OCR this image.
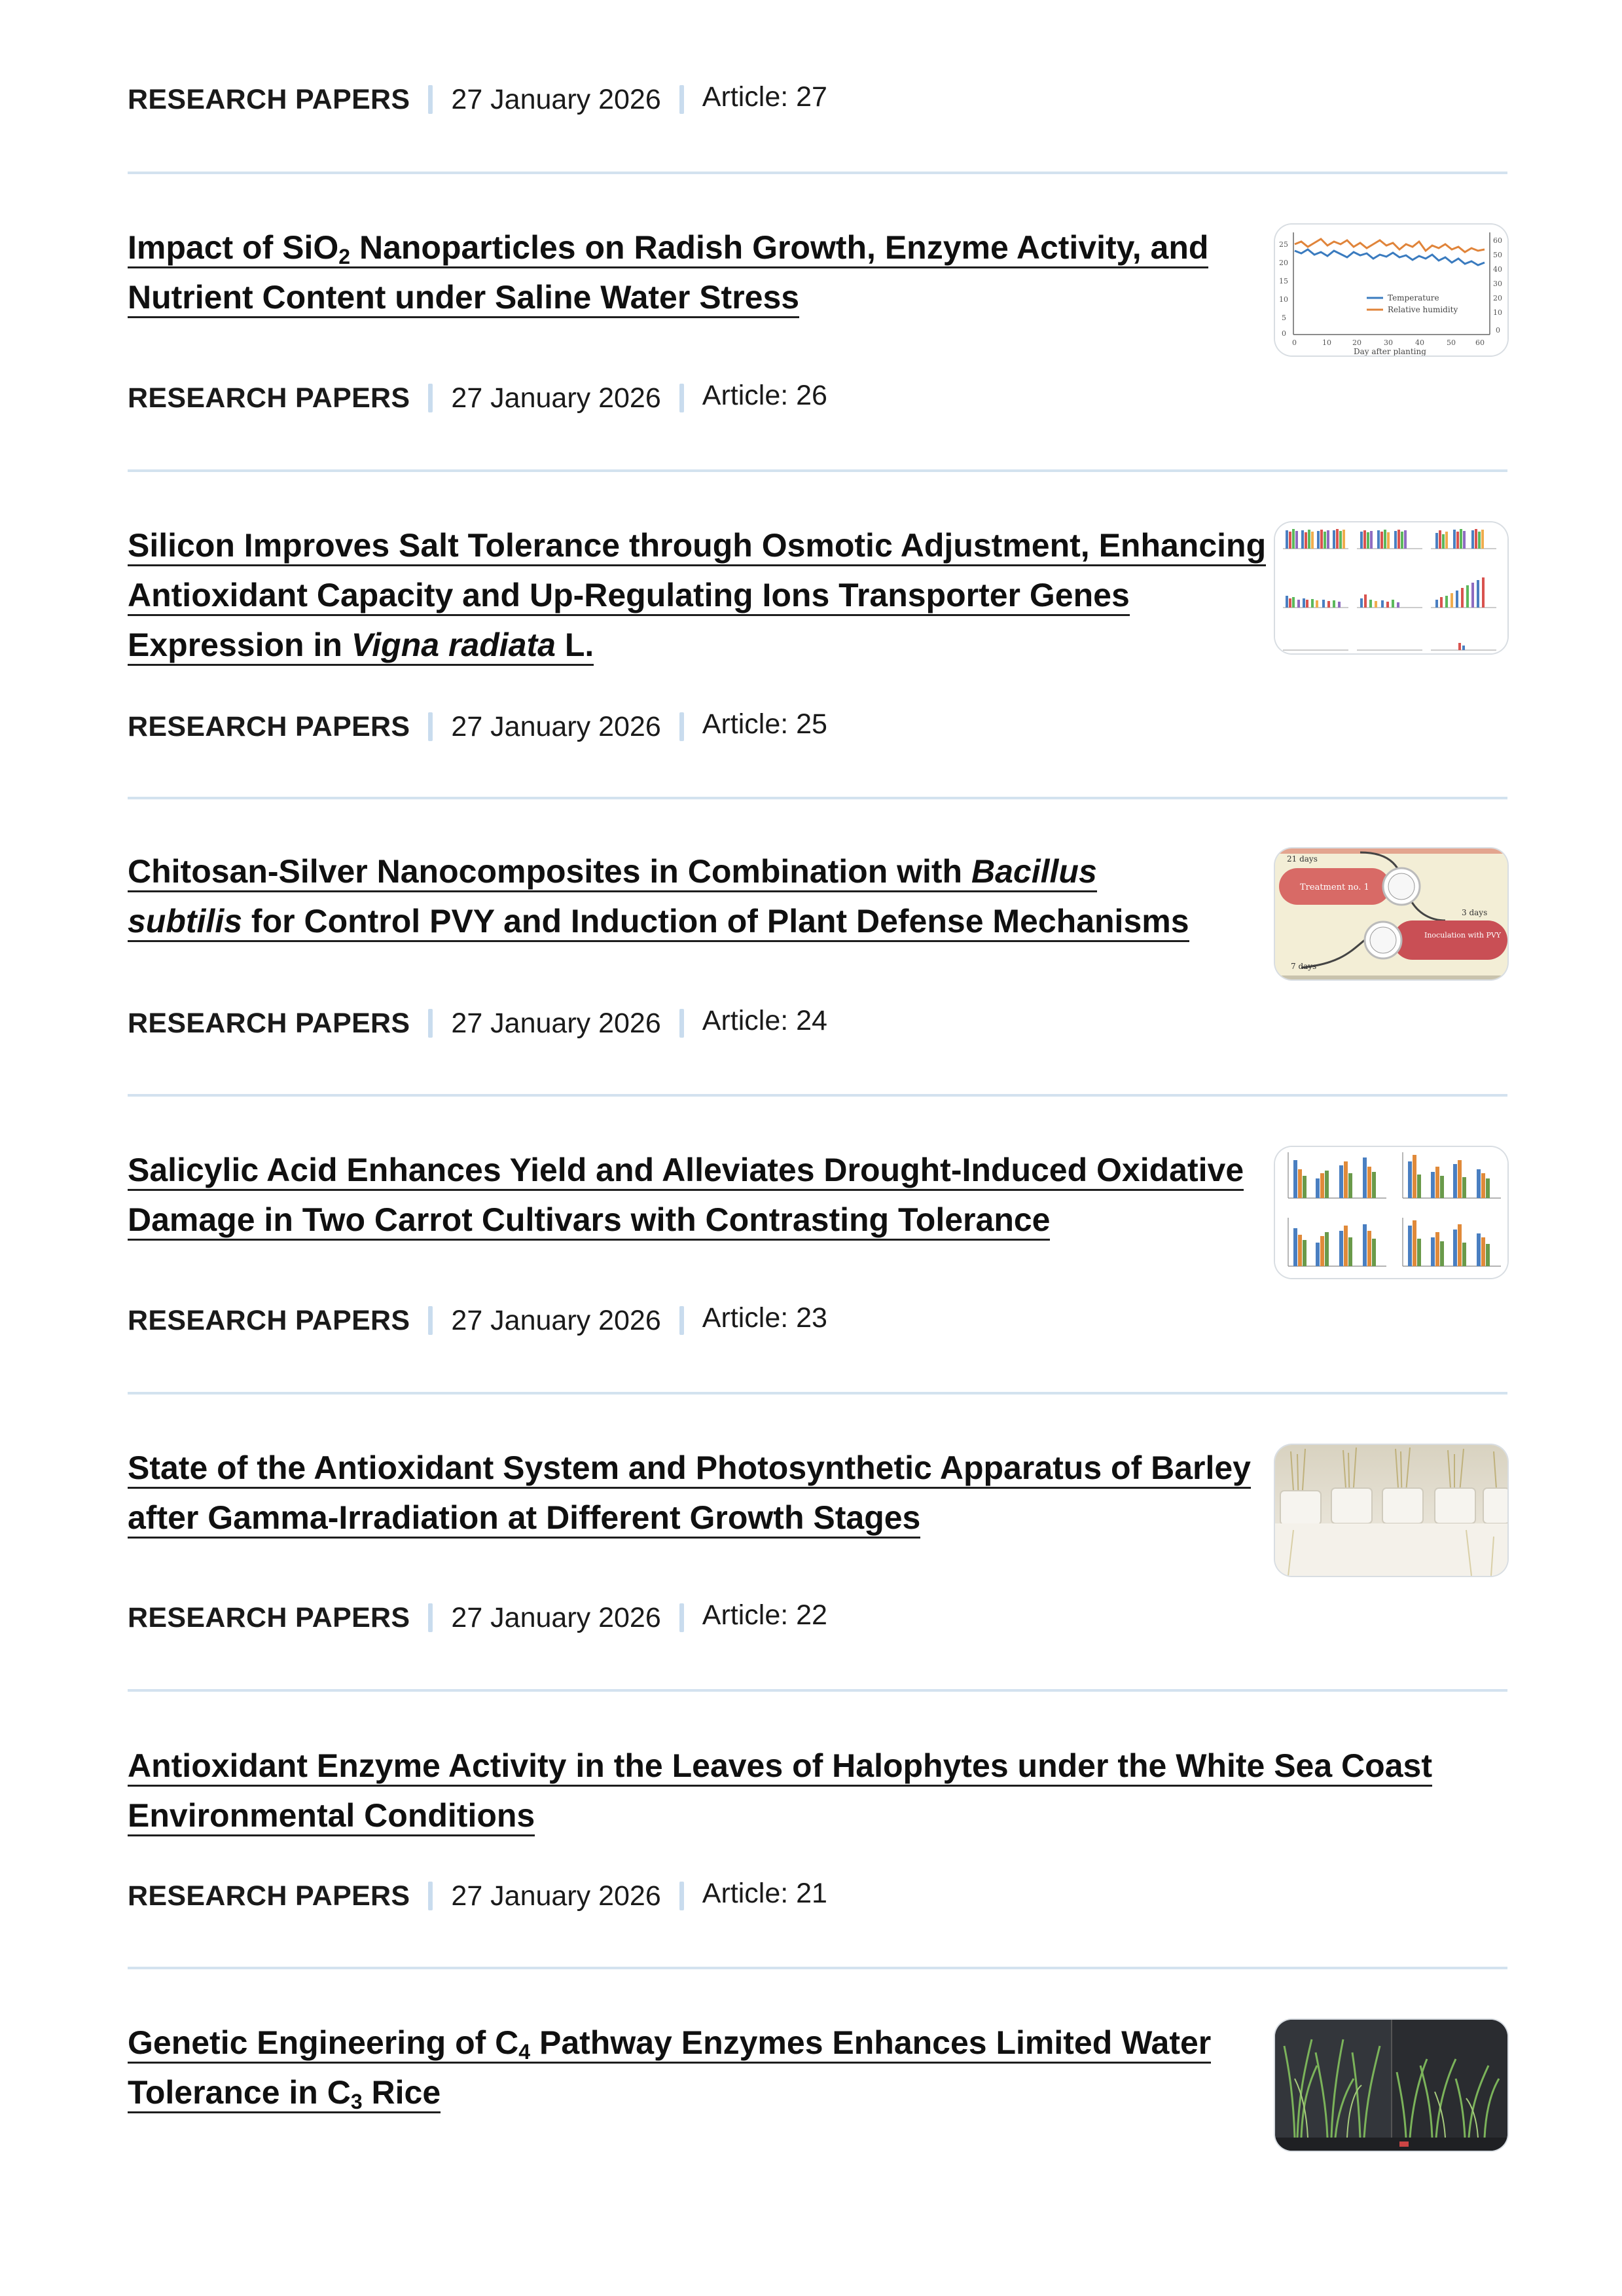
RESEARCH PAPERS 27 January 2026 Article: 27
Impact of SiO$_2$ Nanoparticles on Radish Growth, Enzyme Activity, and
Nutrient Content under Saline Water Stress
25
20
15
10
5
0
60
50
40
30
20
10
0
Temperature
Relative humidity
0	10	20	30	40	50	60
Day after planting
RESEARCH PAPERS 27 January 2026 Article: 26
Silicon Improves Salt Tolerance through Osmotic Adjustment, Enhancing
Antioxidant Capacity and Up-Regulating Ions Transporter Genes
Expression in Vigna radiata L.
RESEARCH PAPERS 27 January 2026 Article: 25
Chitosan-Silver Nanocomposites in Combination with Bacillus
subtilis for Control PVY and Induction of Plant Defense Mechanisms
21 days
Treatment no. 1
3 days
Inoculation with PVY
7 days
RESEARCH PAPERS 27 January 2026 Article: 24
Salicylic Acid Enhances Yield and Alleviates Drought-Induced Oxidative
Damage in Two Carrot Cultivars with Contrasting Tolerance
RESEARCH PAPERS 27 January 2026 Article: 23
State of the Antioxidant System and Photosynthetic Apparatus of Barley
after Gamma-Irradiation at Different Growth Stages
RESEARCH PAPERS 27 January 2026 Article: 22
Antioxidant Enzyme Activity in the Leaves of Halophytes under the White Sea Coast
Environmental Conditions
RESEARCH PAPERS 27 January 2026 Article: 21
Genetic Engineering of $C_4$ Pathway Enzymes Enhances Limited Water
Tolerance in $C_3$ Rice
